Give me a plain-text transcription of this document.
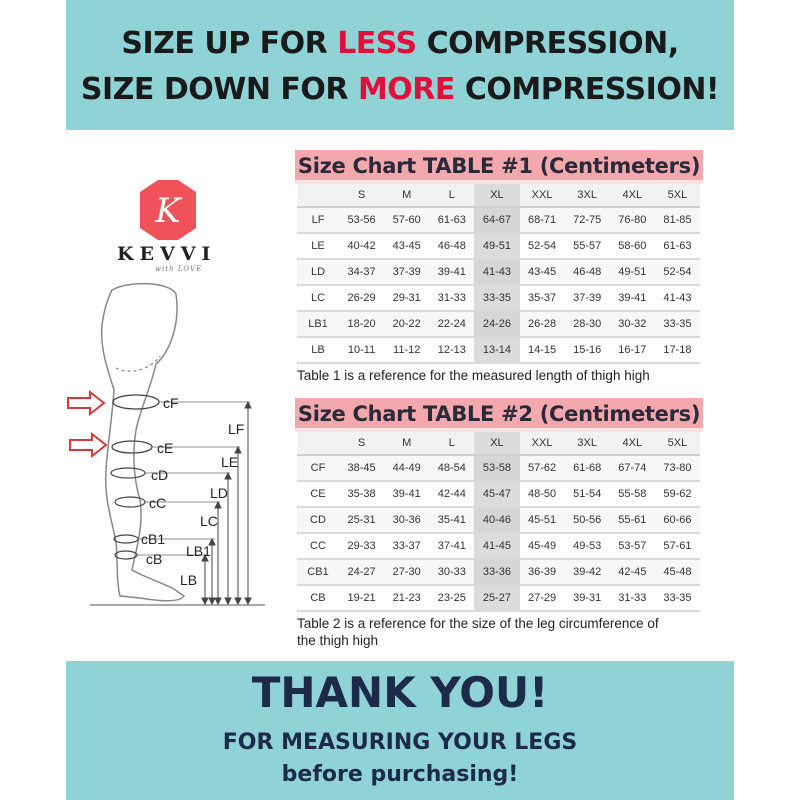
SIZE UP FOR LESS COMPRESSION,
SIZE DOWN FOR MORE COMPRESSION!
K
KEVVI
with LOVE
cF
cE
cD
cC
cB1
cB
LF
LE
LD
LC
LB1
LB
Size Chart TABLE #1 (Centimeters)
	S	M	L	XL	XXL	3XL	4XL	5XL
LF	53-56	57-60	61-63	64-67	68-71	72-75	76-80	81-85
LE	40-42	43-45	46-48	49-51	52-54	55-57	58-60	61-63
LD	34-37	37-39	39-41	41-43	43-45	46-48	49-51	52-54
LC	26-29	29-31	31-33	33-35	35-37	37-39	39-41	41-43
LB1	18-20	20-22	22-24	24-26	26-28	28-30	30-32	33-35
LB	10-11	11-12	12-13	13-14	14-15	15-16	16-17	17-18
Table 1 is a reference for the measured length of thigh high
Size Chart TABLE #2 (Centimeters)
	S	M	L	XL	XXL	3XL	4XL	5XL
CF	38-45	44-49	48-54	53-58	57-62	61-68	67-74	73-80
CE	35-38	39-41	42-44	45-47	48-50	51-54	55-58	59-62
CD	25-31	30-36	35-41	40-46	45-51	50-56	55-61	60-66
CC	29-33	33-37	37-41	41-45	45-49	49-53	53-57	57-61
CB1	24-27	27-30	30-33	33-36	36-39	39-42	42-45	45-48
CB	19-21	21-23	23-25	25-27	27-29	39-31	31-33	33-35
Table 2 is a reference for the size of the leg circumference of
the thigh high
THANK YOU!
FOR MEASURING YOUR LEGS
before purchasing!
